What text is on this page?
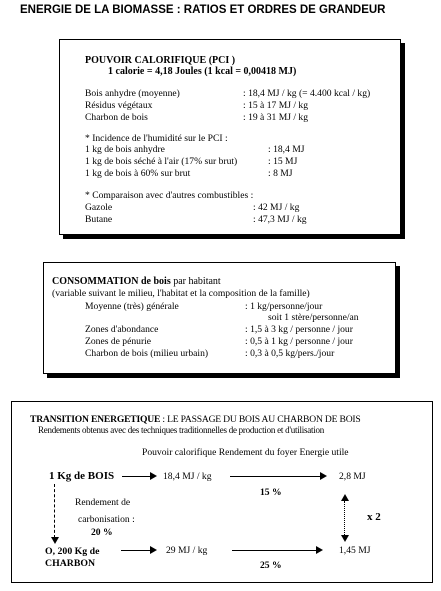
ENERGIE DE LA BIOMASSE : RATIOS ET ORDRES DE GRANDEUR
POUVOIR CALORIFIQUE (PCI )
1 calorie = 4,18 Joules (1 kcal = 0,00418 MJ)
Bois anhydre (moyenne)	: 18,4 MJ / kg (= 4.400 kcal / kg)
Résidus végétaux	: 15 à 17 MJ / kg
Charbon de bois	: 19 à 31 MJ / kg
* Incidence de l'humidité sur le PCI :
1 kg de bois anhydre	: 18,4 MJ
1 kg de bois séché à l'air (17% sur brut)	: 15 MJ
1 kg de bois à 60% sur brut	: 8 MJ
* Comparaison avec d'autres combustibles :
Gazole	: 42 MJ / kg
Butane	: 47,3 MJ / kg
CONSOMMATION de bois par habitant
(variable suivant le milieu, l'habitat et la composition de la famille)
Moyenne (très) générale	: 1 kg/personne/jour
soit 1 stère/personne/an
Zones d'abondance	: 1,5 à 3 kg / personne / jour
Zones de pénurie	: 0,5 à 1 kg / personne / jour
Charbon de bois (milieu urbain)	: 0,3 à 0,5 kg/pers./jour
TRANSITION ENERGETIQUE : LE PASSAGE DU BOIS AU CHARBON DE BOIS
Rendements obtenus avec des techniques traditionnelles de production et d'utilisation
Pouvoir calorifique Rendement du foyer Energie utile
1 Kg de BOIS	18,4 MJ / kg	2,8 MJ
15 %
Rendement de
carbonisation :
20 %
x 2
O, 200 Kg de
CHARBON
29 MJ / kg	1,45 MJ
25 %
